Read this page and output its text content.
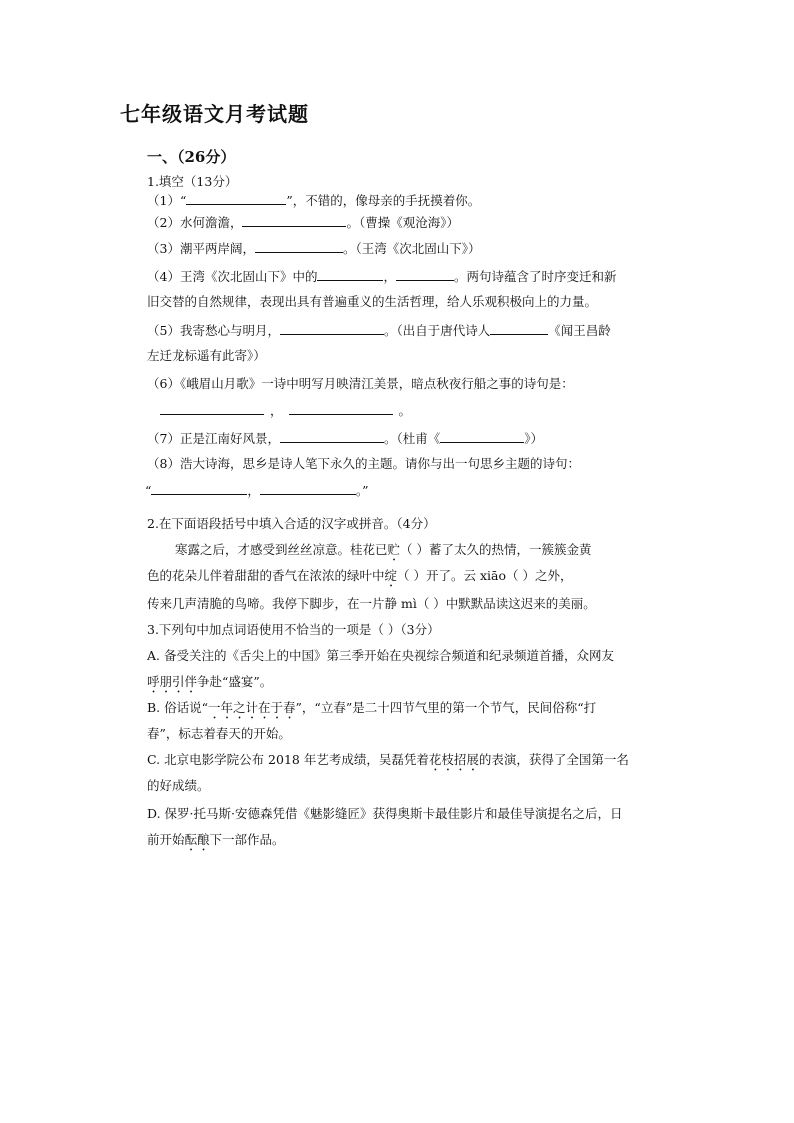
七年级语文月考试题
一、（26分）
1.填空（13分）
（1）“	”，不错的，像母亲的手抚摸着你。
（2）水何澹澹，	。（曹操《观沧海》）
（3）潮平两岸阔，	。（王湾《次北固山下》）
（4）王湾《次北固山下》中的	，	。两句诗蕴含了时序变迁和新
旧交替的自然规律，表现出具有普遍重义的生活哲理，给人乐观积极向上的力量。
（5）我寄愁心与明月，	。（出自于唐代诗人	《闻王昌龄
左迁龙标遥有此寄》）
（6）《峨眉山月歌》一诗中明写月映清江美景，暗点秋夜行船之事的诗句是：
，	。
（7）正是江南好风景，	。（杜甫《	》）
（8）浩大诗海，思乡是诗人笔下永久的主题。请你与出一句思乡主题的诗句：
“	，	。”
2.在下面语段括号中填入合适的汉字或拼音。（4分）
寒露之后，才感受到丝丝凉意。桂花已贮（ ）蓄了太久的热情，一簇簇金黄
色的花朵儿伴着甜甜的香气在浓浓的绿叶中绽（ ）开了。云 xiāo（ ）之外，
传来几声清脆的鸟啼。我停下脚步，在一片静 mì（ ）中默默品读这迟来的美丽。
3.下列句中加点词语使用不恰当的一项是（ ）（3分）
A. 备受关注的《舌尖上的中国》第三季开始在央视综合频道和纪录频道首播，众网友
呼朋引伴争赴“盛宴”。
B. 俗话说“一年之计在于春”，“立春”是二十四节气里的第一个节气，民间俗称“打
春”，标志着春天的开始。
C. 北京电影学院公布 2018 年艺考成绩，吴磊凭着花枝招展的表演，获得了全国第一名
的好成绩。
D. 保罗·托马斯·安德森凭借《魅影缝匠》获得奥斯卡最佳影片和最佳导演提名之后，日
前开始酝酿下一部作品。
